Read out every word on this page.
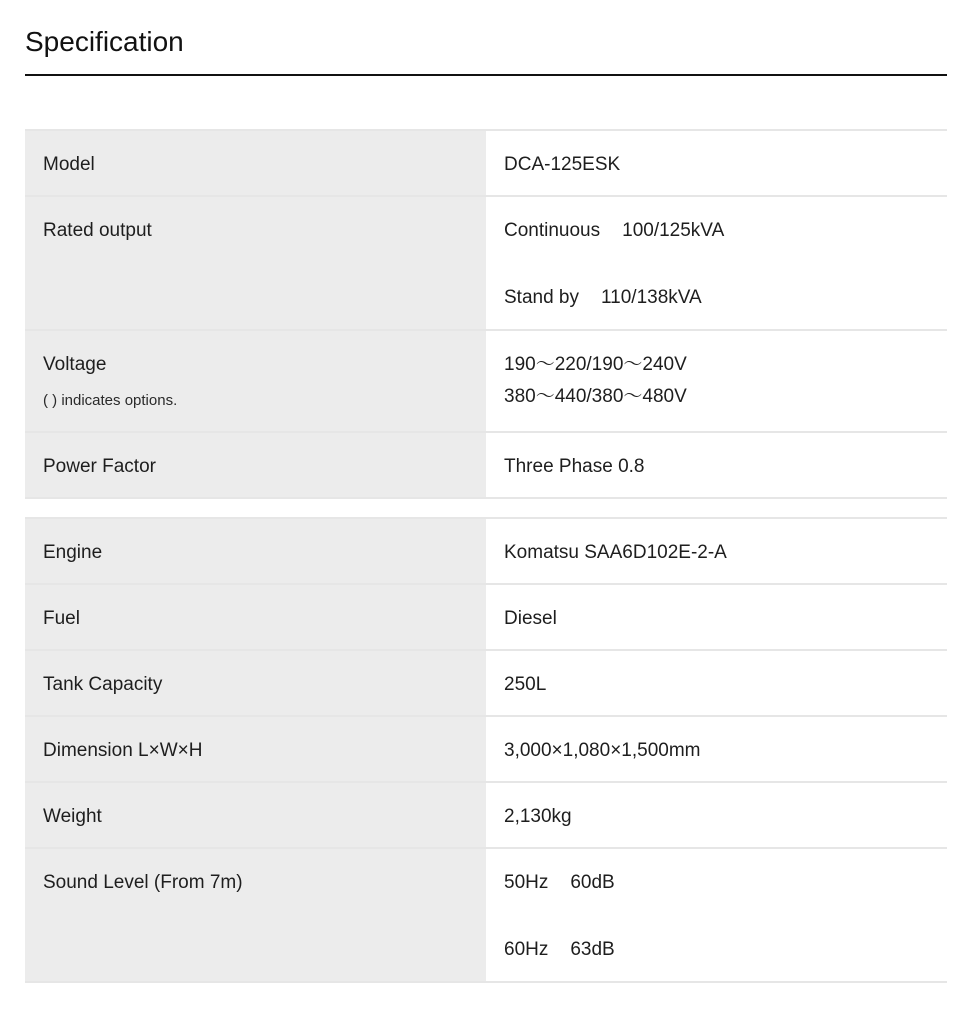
Specification
Model	DCA-125ESK
Rated output	Continuous 100/125kVA
Stand by 110/138kVA

Voltage
( ) indicates options.	190～220/190～240V
380～440/380～480V

Power Factor	Three Phase 0.8
Engine	Komatsu SAA6D102E-2-A
Fuel	Diesel
Tank Capacity	250L
Dimension L×W×H	3,000×1,080×1,500mm
Weight	2,130kg
Sound Level (From 7m)	50Hz 60dB
60Hz 63dB
